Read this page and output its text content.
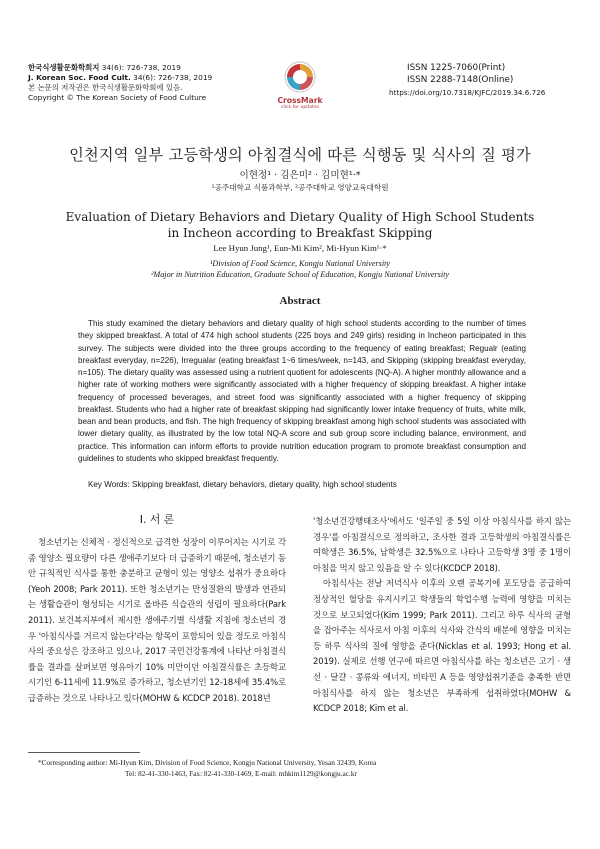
한국식생활문화학회지 34(6): 726-738, 2019
J. Korean Soc. Food Cult. 34(6): 726-738, 2019
본 논문의 저작권은 한국식생활문화학회에 있음.
Copyright © The Korean Society of Food Culture	CrossMark
click for updates
ISSN 1225-7060(Print)
ISSN 2288-7148(Online)
https://doi.org/10.7318/KJFC/2019.34.6.726
인천지역 일부 고등학생의 아침결식에 따른 식행동 및 식사의 질 평가
이현정¹ · 김은미² · 김미현¹·*
¹공주대학교 식품과학부, ²공주대학교 영양교육대학원
Evaluation of Dietary Behaviors and Dietary Quality of High School Students
in Incheon according to Breakfast Skipping
Lee Hyun Jung¹, Eun-Mi Kim², Mi-Hyun Kim¹·*
¹Division of Food Science, Kongju National University
²Major in Nutrition Education, Graduate School of Education, Kongju National University
Abstract
This study examined the dietary behaviors and dietary quality of high school students according to the number of times they skipped breakfast. A total of 474 high school students (225 boys and 249 girls) residing in Incheon participated in this survey. The subjects were divided into the three groups according to the frequency of eating breakfast; Regualr (eating breakfast everyday, n=226), Irregualar (eating breakfast 1~6 times/week, n=143, and Skipping (skipping breakfast everyday, n=105). The dietary quality was assessed using a nutrient quotient for adolescents (NQ-A). A higher monthly allowance and a higher rate of working mothers were significantly associated with a higher frequency of skipping breakfast. A higher intake frequency of processed beverages, and street food was significantly associated with a higher frequency of skipping breakfast. Students who had a higher rate of breakfast skipping had significantly lower intake frequency of fruits, white milk, bean and bean products, and fish. The high frequency of skipping breakfast among high school students was associated with lower dietary quality, as illustrated by the low total NQ-A score and sub group score including balance, environment, and practice. This information can inform efforts to provide nutrition education program to promote breakfast consumption and guidelines to students who skipped breakfast frequently.
Key Words: Skipping breakfast, dietary behaviors, dietary quality, high school students
Ⅰ. 서 론

청소년기는 신체적 · 정신적으로 급격한 성장이 이루어지는 시기로 각종 영양소 필요량이 다른 생애주기보다 더 급증하기 때문에, 청소년기 동안 규칙적인 식사를 통한 충분하고 균형이 있는 영양소 섭취가 중요하다(Yeoh 2008; Park 2011). 또한 청소년기는 만성질환의 발생과 연관되는 생활습관이 형성되는 시기로 올바른 식습관의 성립이 필요하다(Park 2011). 보건복지부에서 제시한 생애주기별 식생활 지침에 청소년의 경우 '아침식사를 거르지 않는다'라는 항목이 포함되어 있을 정도로 아침식사의 중요성은 강조하고 있으나, 2017 국민건강통계에 나타난 아침결식률을 결과를 살펴보면 영유아기 10% 미만이던 아침결식률은 초등학교 시기인 6-11세에 11.9%로 증가하고, 청소년기인 12-18세에 35.4%로 급증하는 것으로 나타나고 있다(MOHW & KCDCP 2018). 2018년

'청소년건강행태조사'에서도 '일주일 중 5일 이상 아침식사를 하지 않는 경우'를 아침결식으로 정의하고, 조사한 결과 고등학생의 아침결식률은 여학생은 36.5%, 남학생은 32.5%으로 나타나 고등학생 3명 중 1명이 아침을 먹지 않고 있음을 알 수 있다(KCDCP 2018).

아침식사는 전날 저녁식사 이후의 오랜 공복기에 포도당을 공급하여 정상적인 혈당을 유지시키고 학생들의 학업수행 능력에 영향을 미치는 것으로 보고되었다(Kim 1999; Park 2011). 그리고 하루 식사의 균형을 잡아주는 식사로서 아침 이후의 식사와 간식의 배분에 영향을 미치는 등 하루 식사의 질에 영향을 준다(Nicklas et al. 1993; Hong et al. 2019). 실제로 선행 연구에 따르면 아침식사를 하는 청소년은 고기 · 생선 · 달걀 · 콩류와 에너지, 비타민 A 등을 영양섭취기준을 충족한 반면 아침식사를 하지 않는 청소년은 부족하게 섭취하였다(MOHW & KCDCP 2018; Kim et al.

*Corresponding author: Mi-Hyun Kim, Division of Food Science, Kongju National University, Yesan 32439, Korea
Tel: 82-41-330-1463, Fax: 82-41-330-1469, E-mail: mhkim1129@kongju.ac.kr
